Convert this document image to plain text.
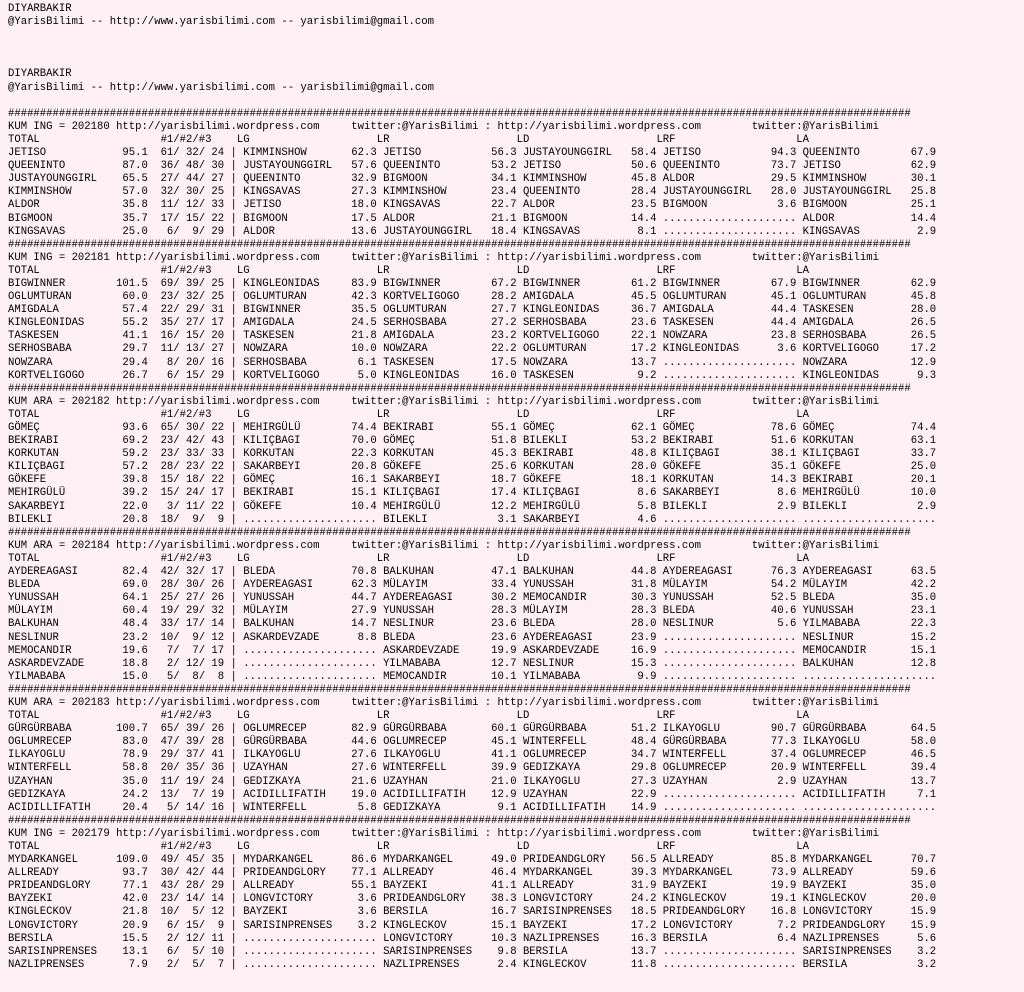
DIYARBAKIR
@YarisBilimi -- http://www.yarisbilimi.com -- yarisbilimi@gmail.com
DIYARBAKIR
@YarisBilimi -- http://www.yarisbilimi.com -- yarisbilimi@gmail.com
##############################################################################################################################################
KUM ING = 202180 http://yarisbilimi.wordpress.com     twitter:@YarisBilimi : http://yarisbilimi.wordpress.com        twitter:@YarisBilimi
TOTAL                   #1/#2/#3    LG                    LR                    LD                    LRF                   LA
JETISO            95.1  61/ 32/ 24 | KIMMINSHOW       62.3 JETISO           56.3 JUSTAYOUNGGIRL   58.4 JETISO           94.3 QUEENINTO        67.9
QUEENINTO         87.0  36/ 48/ 30 | JUSTAYOUNGGIRL   57.6 QUEENINTO        53.2 JETISO           50.6 QUEENINTO        73.7 JETISO           62.9
JUSTAYOUNGGIRL    65.5  27/ 44/ 27 | QUEENINTO        32.9 BIGMOON          34.1 KIMMINSHOW       45.8 ALDOR            29.5 KIMMINSHOW       30.1
KIMMINSHOW        57.0  32/ 30/ 25 | KINGSAVAS        27.3 KIMMINSHOW       23.4 QUEENINTO        28.4 JUSTAYOUNGGIRL   28.0 JUSTAYOUNGGIRL   25.8
ALDOR             35.8  11/ 12/ 33 | JETISO           18.0 KINGSAVAS        22.7 ALDOR            23.5 BIGMOON           3.6 BIGMOON          25.1
BIGMOON           35.7  17/ 15/ 22 | BIGMOON          17.5 ALDOR            21.1 BIGMOON          14.4 ..................... ALDOR            14.4
KINGSAVAS         25.0   6/  9/ 29 | ALDOR            13.6 JUSTAYOUNGGIRL   18.4 KINGSAVAS         8.1 ..................... KINGSAVAS         2.9
##############################################################################################################################################
KUM ING = 202181 http://yarisbilimi.wordpress.com     twitter:@YarisBilimi : http://yarisbilimi.wordpress.com        twitter:@YarisBilimi
TOTAL                   #1/#2/#3    LG                    LR                    LD                    LRF                   LA
BIGWINNER        101.5  69/ 39/ 25 | KINGLEONIDAS     83.9 BIGWINNER        67.2 BIGWINNER        61.2 BIGWINNER        67.9 BIGWINNER        62.9
OGLUMTURAN        60.0  23/ 32/ 25 | OGLUMTURAN       42.3 KORTVELIGOGO     28.2 AMIGDALA         45.5 OGLUMTURAN       45.1 OGLUMTURAN       45.8
AMIGDALA          57.4  22/ 29/ 31 | BIGWINNER        35.5 OGLUMTURAN       27.7 KINGLEONIDAS     36.7 AMIGDALA         44.4 TASKESEN         28.0
KINGLEONIDAS      55.2  35/ 27/ 17 | AMIGDALA         24.5 SERHOSBABA       27.2 SERHOSBABA       23.6 TASKESEN         44.4 AMIGDALA         26.5
TASKESEN          41.1  16/ 15/ 20 | TASKESEN         21.8 AMIGDALA         23.2 KORTVELIGOGO     22.1 NOWZARA          23.8 SERHOSBABA       26.5
SERHOSBABA        29.7  11/ 13/ 27 | NOWZARA          10.0 NOWZARA          22.2 OGLUMTURAN       17.2 KINGLEONIDAS      3.6 KORTVELIGOGO     17.2
NOWZARA           29.4   8/ 20/ 16 | SERHOSBABA        6.1 TASKESEN         17.5 NOWZARA          13.7 ..................... NOWZARA          12.9
KORTVELIGOGO      26.7   6/ 15/ 29 | KORTVELIGOGO      5.0 KINGLEONIDAS     16.0 TASKESEN          9.2 ..................... KINGLEONIDAS      9.3
##############################################################################################################################################
KUM ARA = 202182 http://yarisbilimi.wordpress.com     twitter:@YarisBilimi : http://yarisbilimi.wordpress.com        twitter:@YarisBilimi
TOTAL                   #1/#2/#3    LG                    LR                    LD                    LRF                   LA
GÖMEÇ             93.6  65/ 30/ 22 | MEHIRGÜLÜ        74.4 BEKIRABI         55.1 GÖMEÇ            62.1 GÖMEÇ            78.6 GÖMEÇ            74.4
BEKIRABI          69.2  23/ 42/ 43 | KILIÇBAGI        70.0 GÖMEÇ            51.8 BILEKLI          53.2 BEKIRABI         51.6 KORKUTAN         63.1
KORKUTAN          59.2  23/ 33/ 33 | KORKUTAN         22.3 KORKUTAN         45.3 BEKIRABI         48.8 KILIÇBAGI        38.1 KILIÇBAGI        33.7
KILIÇBAGI         57.2  28/ 23/ 22 | SAKARBEYI        20.8 GÖKEFE           25.6 KORKUTAN         28.0 GÖKEFE           35.1 GÖKEFE           25.0
GÖKEFE            39.8  15/ 18/ 22 | GÖMEÇ            16.1 SAKARBEYI        18.7 GÖKEFE           18.1 KORKUTAN         14.3 BEKIRABI         20.1
MEHIRGÜLÜ         39.2  15/ 24/ 17 | BEKIRABI         15.1 KILIÇBAGI        17.4 KILIÇBAGI         8.6 SAKARBEYI         8.6 MEHIRGÜLÜ        10.0
SAKARBEYI         22.0   3/ 11/ 22 | GÖKEFE           10.4 MEHIRGÜLÜ        12.2 MEHIRGÜLÜ         5.8 BILEKLI           2.9 BILEKLI           2.9
BILEKLI           20.8  18/  9/  9 | ..................... BILEKLI           3.1 SAKARBEYI         4.6 ..................... .....................
##############################################################################################################################################
KUM ARA = 202184 http://yarisbilimi.wordpress.com     twitter:@YarisBilimi : http://yarisbilimi.wordpress.com        twitter:@YarisBilimi
TOTAL                   #1/#2/#3    LG                    LR                    LD                    LRF                   LA
AYDEREAGASI       82.4  42/ 32/ 17 | BLEDA            70.8 BALKUHAN         47.1 BALKUHAN         44.8 AYDEREAGASI      76.3 AYDEREAGASI      63.5
BLEDA             69.0  28/ 30/ 26 | AYDEREAGASI      62.3 MÜLAYIM          33.4 YUNUSSAH         31.8 MÜLAYIM          54.2 MÜLAYIM          42.2
YUNUSSAH          64.1  25/ 27/ 26 | YUNUSSAH         44.7 AYDEREAGASI      30.2 MEMOCANDIR       30.3 YUNUSSAH         52.5 BLEDA            35.0
MÜLAYIM           60.4  19/ 29/ 32 | MÜLAYIM          27.9 YUNUSSAH         28.3 MÜLAYIM          28.3 BLEDA            40.6 YUNUSSAH         23.1
BALKUHAN          48.4  33/ 17/ 14 | BALKUHAN         14.7 NESLINUR         23.6 BLEDA            28.0 NESLINUR          5.6 YILMABABA        22.3
NESLINUR          23.2  10/  9/ 12 | ASKARDEVZADE      8.8 BLEDA            23.6 AYDEREAGASI      23.9 ..................... NESLINUR         15.2
MEMOCANDIR        19.6   7/  7/ 17 | ..................... ASKARDEVZADE     19.9 ASKARDEVZADE     16.9 ..................... MEMOCANDIR       15.1
ASKARDEVZADE      18.8   2/ 12/ 19 | ..................... YILMABABA        12.7 NESLINUR         15.3 ..................... BALKUHAN         12.8
YILMABABA         15.0   5/  8/  8 | ..................... MEMOCANDIR       10.1 YILMABABA         9.9 ..................... .....................
##############################################################################################################################################
KUM ARA = 202183 http://yarisbilimi.wordpress.com     twitter:@YarisBilimi : http://yarisbilimi.wordpress.com        twitter:@YarisBilimi
TOTAL                   #1/#2/#3    LG                    LR                    LD                    LRF                   LA
GÜRGÜRBABA       100.7  65/ 39/ 26 | OGLUMRECEP       82.9 GÜRGÜRBABA       60.1 GÜRGÜRBABA       51.2 ILKAYOGLU        90.7 GÜRGÜRBABA       64.5
OGLUMRECEP        83.0  47/ 39/ 28 | GÜRGÜRBABA       44.6 OGLUMRECEP       45.1 WINTERFELL       48.4 GÜRGÜRBABA       77.3 ILKAYOGLU        58.0
ILKAYOGLU         78.9  29/ 37/ 41 | ILKAYOGLU        27.6 ILKAYOGLU        41.1 OGLUMRECEP       34.7 WINTERFELL       37.4 OGLUMRECEP       46.5
WINTERFELL        58.8  20/ 35/ 36 | UZAYHAN          27.6 WINTERFELL       39.9 GEDIZKAYA        29.8 OGLUMRECEP       20.9 WINTERFELL       39.4
UZAYHAN           35.0  11/ 19/ 24 | GEDIZKAYA        21.6 UZAYHAN          21.0 ILKAYOGLU        27.3 UZAYHAN           2.9 UZAYHAN          13.7
GEDIZKAYA         24.2  13/  7/ 19 | ACIDILLIFATIH    19.0 ACIDILLIFATIH    12.9 UZAYHAN          22.9 ..................... ACIDILLIFATIH     7.1
ACIDILLIFATIH     20.4   5/ 14/ 16 | WINTERFELL        5.8 GEDIZKAYA         9.1 ACIDILLIFATIH    14.9 ..................... .....................
##############################################################################################################################################
KUM ING = 202179 http://yarisbilimi.wordpress.com     twitter:@YarisBilimi : http://yarisbilimi.wordpress.com        twitter:@YarisBilimi
TOTAL                   #1/#2/#3    LG                    LR                    LD                    LRF                   LA
MYDARKANGEL      109.0  49/ 45/ 35 | MYDARKANGEL      86.6 MYDARKANGEL      49.0 PRIDEANDGLORY    56.5 ALLREADY         85.8 MYDARKANGEL      70.7
ALLREADY          93.7  30/ 42/ 44 | PRIDEANDGLORY    77.1 ALLREADY         46.4 MYDARKANGEL      39.3 MYDARKANGEL      73.9 ALLREADY         59.6
PRIDEANDGLORY     77.1  43/ 28/ 29 | ALLREADY         55.1 BAYZEKI          41.1 ALLREADY         31.9 BAYZEKI          19.9 BAYZEKI          35.0
BAYZEKI           42.0  23/ 14/ 14 | LONGVICTORY       3.6 PRIDEANDGLORY    38.3 LONGVICTORY      24.2 KINGLECKOV       19.1 KINGLECKOV       20.0
KINGLECKOV        21.8  10/  5/ 12 | BAYZEKI           3.6 BERSILA          16.7 SARISINPRENSES   18.5 PRIDEANDGLORY    16.8 LONGVICTORY      15.9
LONGVICTORY       20.9   6/ 15/  9 | SARISINPRENSES    3.2 KINGLECKOV       15.1 BAYZEKI          17.2 LONGVICTORY       7.2 PRIDEANDGLORY    15.9
BERSILA           15.5   2/ 12/ 11 | ..................... LONGVICTORY      10.3 NAZLIPRENSES     16.3 BERSILA           6.4 NAZLIPRENSES      5.6
SARISINPRENSES    13.1   6/  5/ 10 | ..................... SARISINPRENSES    9.8 BERSILA          13.7 ..................... SARISINPRENSES    3.2
NAZLIPRENSES       7.9   2/  5/  7 | ..................... NAZLIPRENSES      2.4 KINGLECKOV       11.8 ..................... BERSILA           3.2
